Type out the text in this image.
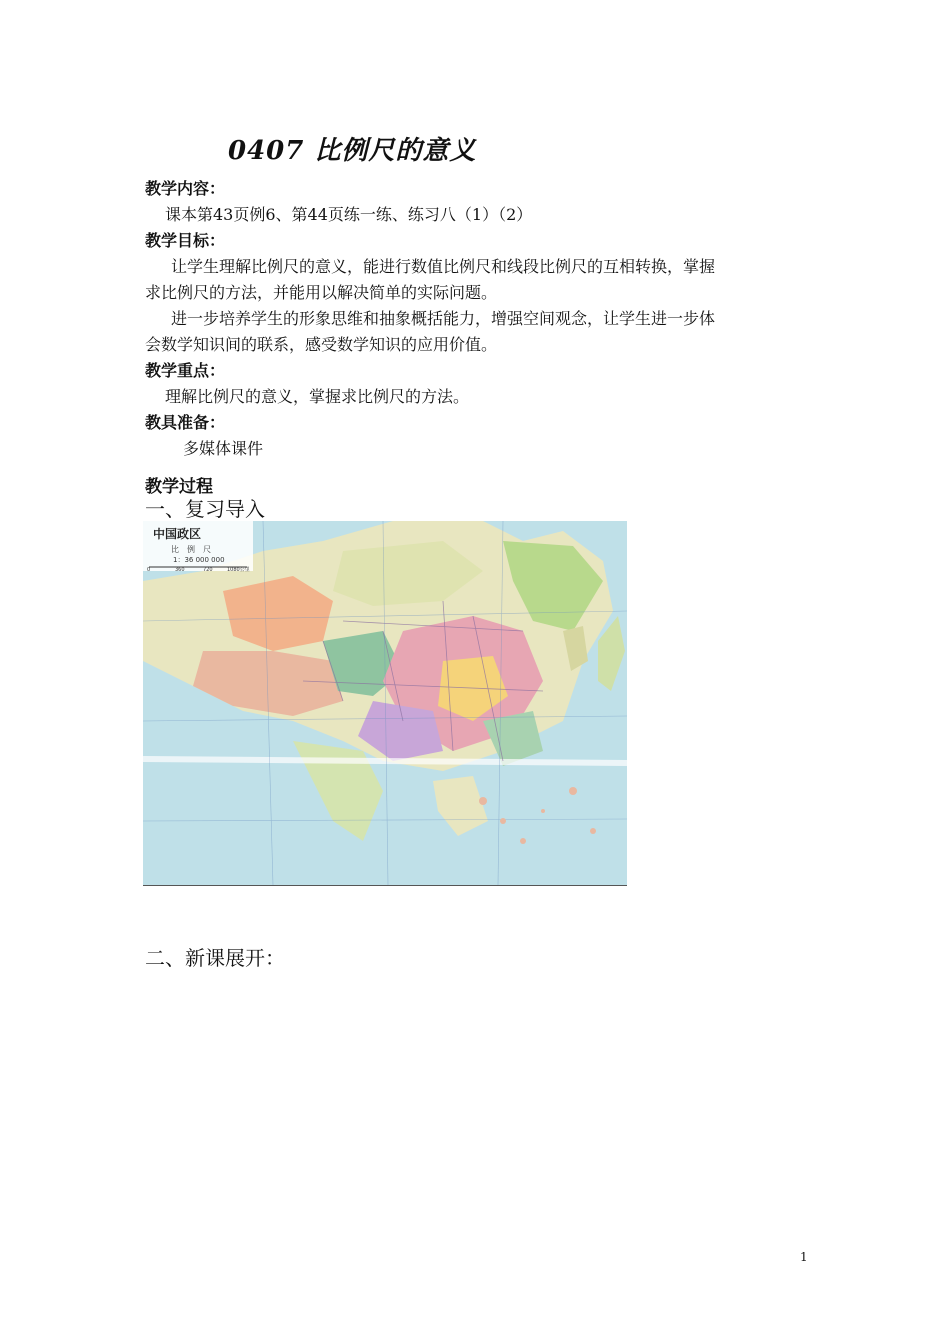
0407 比例尺的意义
教学内容：
课本第43页例6、第44页练一练、练习八（1）（2）
教学目标：
让学生理解比例尺的意义，能进行数值比例尺和线段比例尺的互相转换，掌握
求比例尺的方法，并能用以解决简单的实际问题。
进一步培养学生的形象思维和抽象概括能力，增强空间观念，让学生进一步体
会数学知识间的联系，感受数学知识的应用价值。
教学重点：
理解比例尺的意义，掌握求比例尺的方法。
教具准备：
多媒体课件
教学过程
一、复习导入
中国政区
比　例　尺
1：36 000 000
0	360	720	1080公里
二、新课展开：
1
